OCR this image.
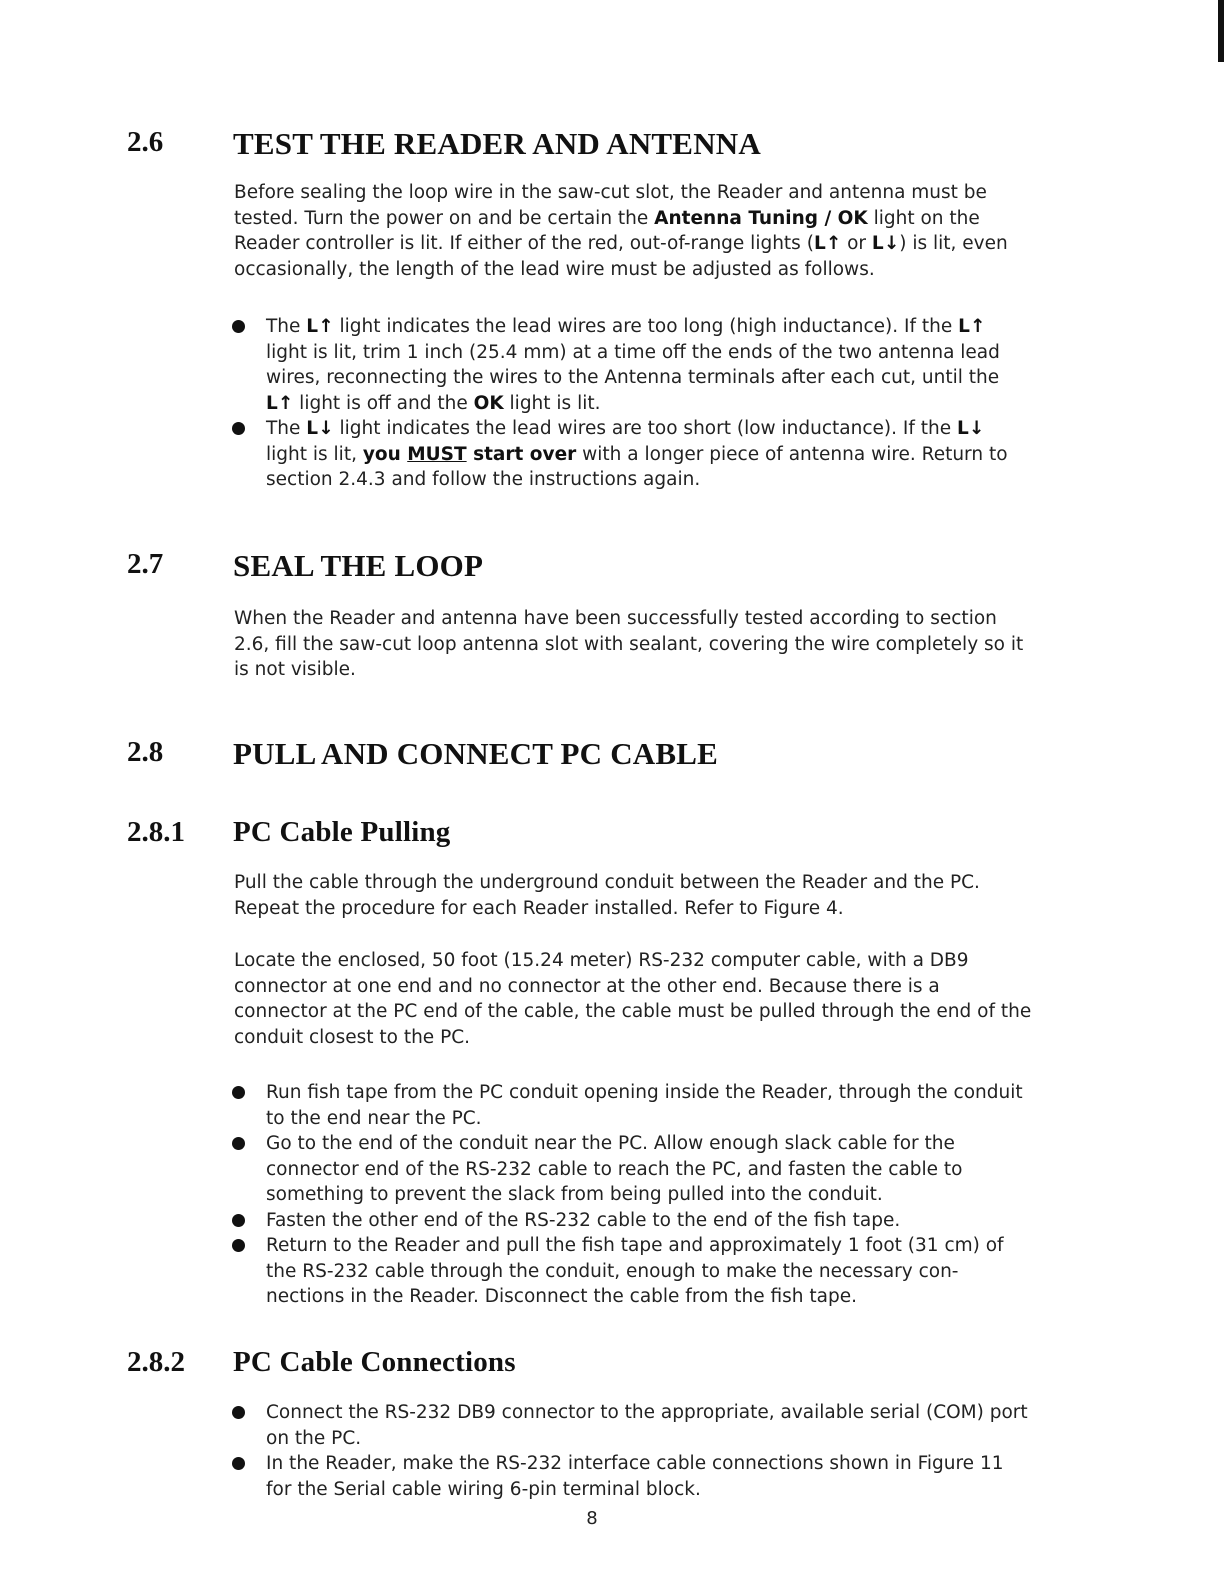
2.6 TEST THE READER AND ANTENNA

Before sealing the loop wire in the saw-cut slot, the Reader and antenna must be tested. Turn the power on and be certain the Antenna Tuning / OK light on the Reader controller is lit. If either of the red, out-of-range lights (L↑ or L↓) is lit, even occasionally, the length of the lead wire must be adjusted as follows.

The L↑ light indicates the lead wires are too long (high inductance). If the L↑ light is lit, trim 1 inch (25.4 mm) at a time off the ends of the two antenna lead wires, reconnecting the wires to the Antenna terminals after each cut, until the L↑ light is off and the OK light is lit.
The L↓ light indicates the lead wires are too short (low inductance). If the L↓ light is lit, you MUST start over with a longer piece of antenna wire. Return to section 2.4.3 and follow the instructions again.
2.7 SEAL THE LOOP

When the Reader and antenna have been successfully tested according to section 2.6, fill the saw-cut loop antenna slot with sealant, covering the wire completely so it is not visible.

2.8 PULL AND CONNECT PC CABLE
2.8.1 PC Cable Pulling

Pull the cable through the underground conduit between the Reader and the PC. Repeat the procedure for each Reader installed. Refer to Figure 4.

Locate the enclosed, 50 foot (15.24 meter) RS-232 computer cable, with a DB9 connector at one end and no connector at the other end. Because there is a connector at the PC end of the cable, the cable must be pulled through the end of the conduit closest to the PC.

Run fish tape from the PC conduit opening inside the Reader, through the conduit to the end near the PC.
Go to the end of the conduit near the PC. Allow enough slack cable for the connector end of the RS-232 cable to reach the PC, and fasten the cable to something to prevent the slack from being pulled into the conduit.
Fasten the other end of the RS-232 cable to the end of the fish tape.
Return to the Reader and pull the fish tape and approximately 1 foot (31 cm) of the RS-232 cable through the conduit, enough to make the necessary con-nections in the Reader. Disconnect the cable from the fish tape.
2.8.2 PC Cable Connections
Connect the RS-232 DB9 connector to the appropriate, available serial (COM) port on the PC.
In the Reader, make the RS-232 interface cable connections shown in Figure 11 for the Serial cable wiring 6-pin terminal block.
8
